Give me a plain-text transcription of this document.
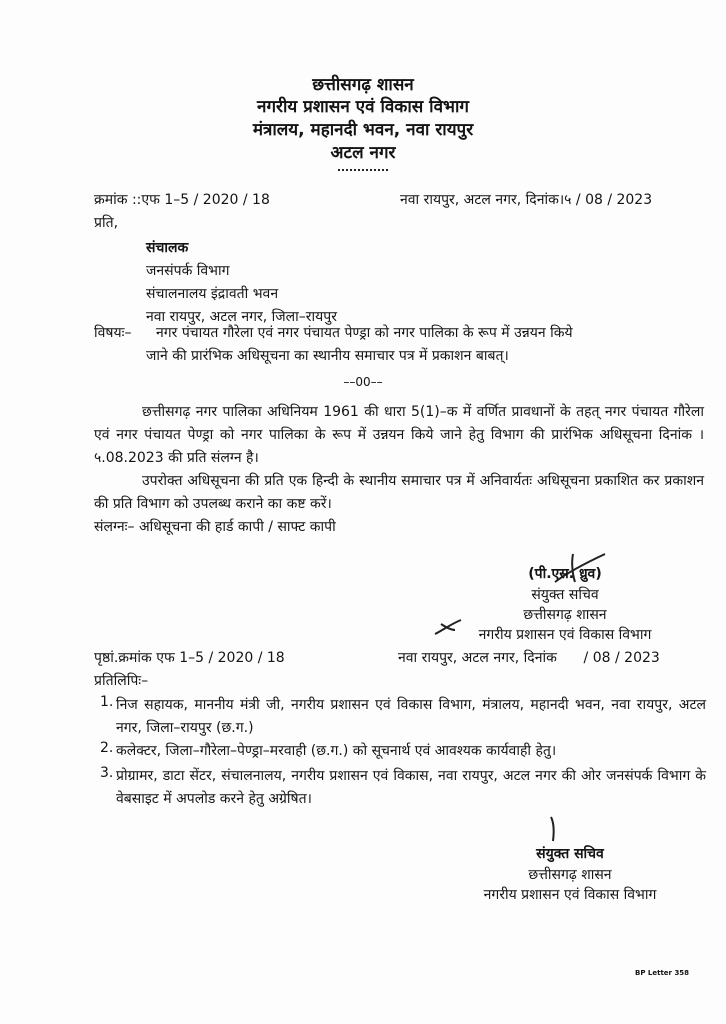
छत्तीसगढ़ शासन
नगरीय प्रशासन एवं विकास विभाग
मंत्रालय, महानदी भवन, नवा रायपुर
अटल नगर
क्रमांक ::एफ 1–5 / 2020 / 18	नवा रायपुर, अटल नगर, दिनांक।५ / 08 / 2023
प्रति,
संचालक
जनसंपर्क विभाग
संचालनालय इंद्रावती भवन
नवा रायपुर, अटल नगर, जिला–रायपुर
विषयः– नगर पंचायत गौरेला एवं नगर पंचायत पेण्ड्रा को नगर पालिका के रूप में उन्नयन किये
जाने की प्रारंभिक अधिसूचना का स्थानीय समाचार पत्र में प्रकाशन बाबत्।
––00––
छत्तीसगढ़ नगर पालिका अधिनियम 1961 की धारा 5(1)–क में वर्णित प्रावधानों के तहत् नगर पंचायत गौरेला एवं नगर पंचायत पेण्ड्रा को नगर पालिका के रूप में उन्नयन किये जाने हेतु विभाग की प्रारंभिक अधिसूचना दिनांक ।५.08.2023 की प्रति संलग्न है।
उपरोक्त अधिसूचना की प्रति एक हिन्दी के स्थानीय समाचार पत्र में अनिवार्यतः अधिसूचना प्रकाशित कर प्रकाशन की प्रति विभाग को उपलब्ध कराने का कष्ट करें।
संलग्नः– अधिसूचना की हार्ड कापी / साफ्ट कापी
(पी.एस. ध्रुव)
संयुक्त सचिव
छत्तीसगढ़ शासन
नगरीय प्रशासन एवं विकास विभाग
पृष्ठां.क्रमांक एफ 1–5 / 2020 / 18	नवा रायपुर, अटल नगर, दिनांक      / 08 / 2023
प्रतिलिपिः–
1. निज सहायक, माननीय मंत्री जी, नगरीय प्रशासन एवं विकास विभाग, मंत्रालय, महानदी भवन, नवा रायपुर, अटल नगर, जिला–रायपुर (छ.ग.)
2. कलेक्टर, जिला–गौरेला–पेण्ड्रा–मरवाही (छ.ग.) को सूचनार्थ एवं आवश्यक कार्यवाही हेतु।
3. प्रोग्रामर, डाटा सेंटर, संचालनालय, नगरीय प्रशासन एवं विकास, नवा रायपुर, अटल नगर की ओर जनसंपर्क विभाग के वेबसाइट में अपलोड करने हेतु अग्रेषित।
संयुक्त सचिव
छत्तीसगढ़ शासन
नगरीय प्रशासन एवं विकास विभाग
BP Letter 358
